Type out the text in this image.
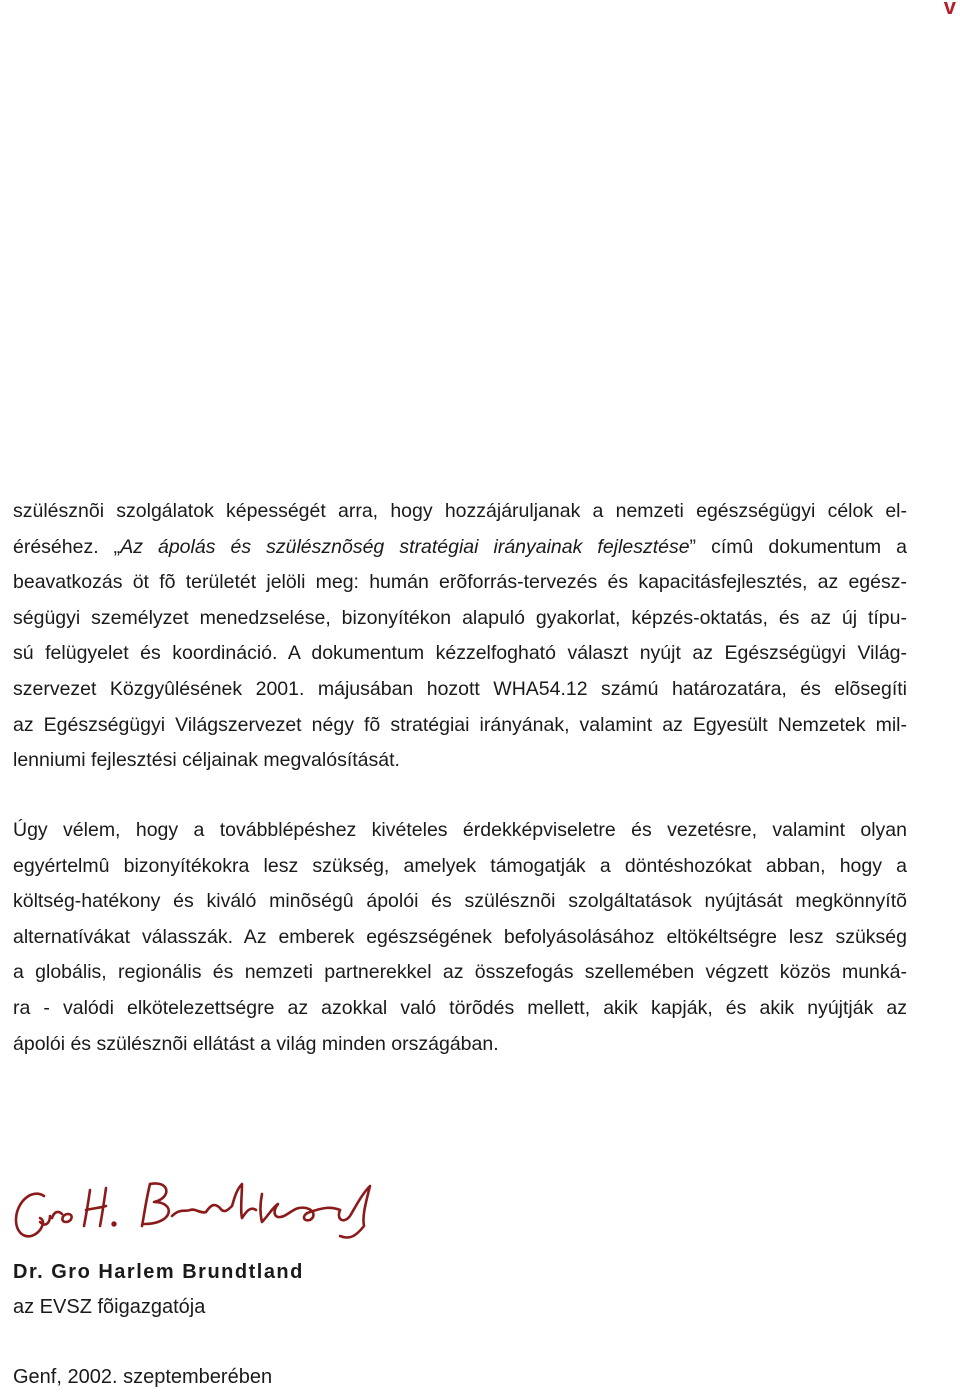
v

szülésznõi szolgálatok képességét arra, hogy hozzájáruljanak a nemzeti egészségügyi célok el-
éréséhez. „Az ápolás és szülésznõség stratégiai irányainak fejlesztése” címû dokumentum a
beavatkozás öt fõ területét jelöli meg: humán erõforrás-tervezés és kapacitásfejlesztés, az egész-
ségügyi személyzet menedzselése, bizonyítékon alapuló gyakorlat, képzés-oktatás, és az új típu-
sú felügyelet és koordináció. A dokumentum kézzelfogható választ nyújt az Egészségügyi Világ-
szervezet Közgyûlésének 2001. májusában hozott WHA54.12 számú határozatára, és elõsegíti
az Egészségügyi Világszervezet négy fõ stratégiai irányának, valamint az Egyesült Nemzetek mil-
lenniumi fejlesztési céljainak megvalósítását.

Úgy vélem, hogy a továbblépéshez kivételes érdekképviseletre és vezetésre, valamint olyan
egyértelmû bizonyítékokra lesz szükség, amelyek támogatják a döntéshozókat abban, hogy a
költség-hatékony és kiváló minõségû ápolói és szülésznõi szolgáltatások nyújtását megkönnyítõ
alternatívákat válasszák. Az emberek egészségének befolyásolásához eltökéltségre lesz szükség
a globális, regionális és nemzeti partnerekkel az összefogás szellemében végzett közös munká-
ra - valódi elkötelezettségre az azokkal való törõdés mellett, akik kapják, és akik nyújtják az
ápolói és szülésznõi ellátást a világ minden országában.

Dr. Gro Harlem Brundtland
az EVSZ fõigazgatója
Genf, 2002. szeptemberében
